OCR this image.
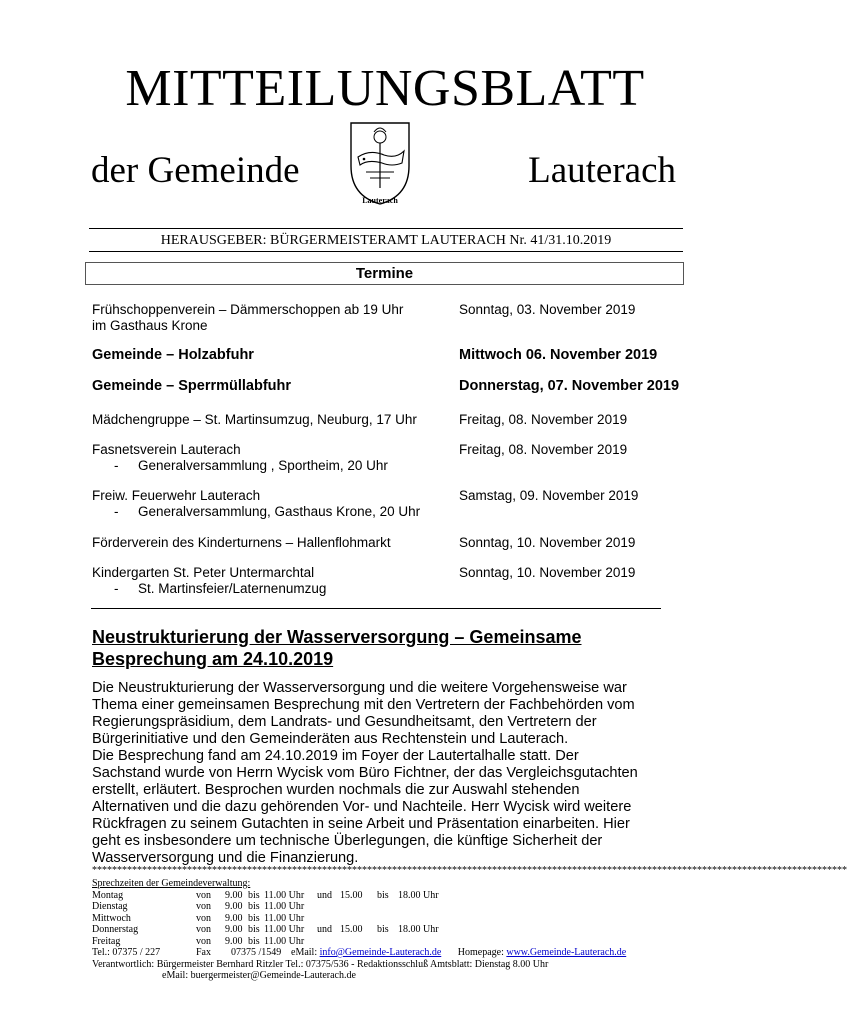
MITTEILUNGSBLATT
der Gemeinde	Lauterach
Lauterach
HERAUSGEBER: BÜRGERMEISTERAMT LAUTERACH Nr. 41/31.10.2019
Termine
Frühschoppenverein – Dämmerschoppen ab 19 Uhr
im Gasthaus Krone
Sonntag, 03. November 2019
Gemeinde – Holzabfuhr	Mittwoch 06. November 2019
Gemeinde – Sperrmüllabfuhr	Donnerstag, 07. November 2019
Mädchengruppe – St. Martinsumzug, Neuburg, 17 Uhr	Freitag, 08. November 2019
Fasnetsverein Lauterach
- Generalversammlung , Sportheim, 20 Uhr
Freitag, 08. November 2019
Freiw. Feuerwehr Lauterach
- Generalversammlung, Gasthaus Krone, 20 Uhr
Samstag, 09. November 2019
Förderverein des Kinderturnens – Hallenflohmarkt	Sonntag, 10. November 2019
Kindergarten St. Peter Untermarchtal
- St. Martinsfeier/Laternenumzug
Sonntag, 10. November 2019
Neustrukturierung der Wasserversorgung – Gemeinsame Besprechung am 24.10.2019
Die Neustrukturierung der Wasserversorgung und die weitere Vorgehensweise war
Thema einer gemeinsamen Besprechung mit den Vertretern der Fachbehörden vom
Regierungspräsidium, dem Landrats- und Gesundheitsamt, den Vertretern der
Bürgerinitiative und den Gemeinderäten aus Rechtenstein und Lauterach.
Die Besprechung fand am 24.10.2019 im Foyer der Lautertalhalle statt. Der
Sachstand wurde von Herrn Wycisk vom Büro Fichtner, der das Vergleichsgutachten
erstellt, erläutert. Besprochen wurden nochmals die zur Auswahl stehenden
Alternativen und die dazu gehörenden Vor- und Nachteile. Herr Wycisk wird weitere
Rückfragen zu seinem Gutachten in seine Arbeit und Präsentation einarbeiten. Hier
geht es insbesondere um technische Überlegungen, die künftige Sicherheit der
Wasserversorgung und die Finanzierung.
*******************************************************************************************************************************************************
Sprechzeiten der Gemeindeverwaltung:
Montag	von	9.00 bis 11.00 Uhr	und 15.00	bis 18.00 Uhr
Dienstag	von	9.00 bis 11.00 Uhr
Mittwoch	von	9.00 bis 11.00 Uhr
Donnerstag	von	9.00 bis 11.00 Uhr	und 15.00	bis 18.00 Uhr
Freitag	von	9.00 bis 11.00 Uhr
Tel.: 07375 / 227	Fax 07375 /1549 eMail: info@Gemeinde-Lauterach.de Homepage: www.Gemeinde-Lauterach.de
Verantwortlich: Bürgermeister Bernhard Ritzler Tel.: 07375/536 - Redaktionsschluß Amtsblatt: Dienstag 8.00 Uhr
eMail: buergermeister@Gemeinde-Lauterach.de
